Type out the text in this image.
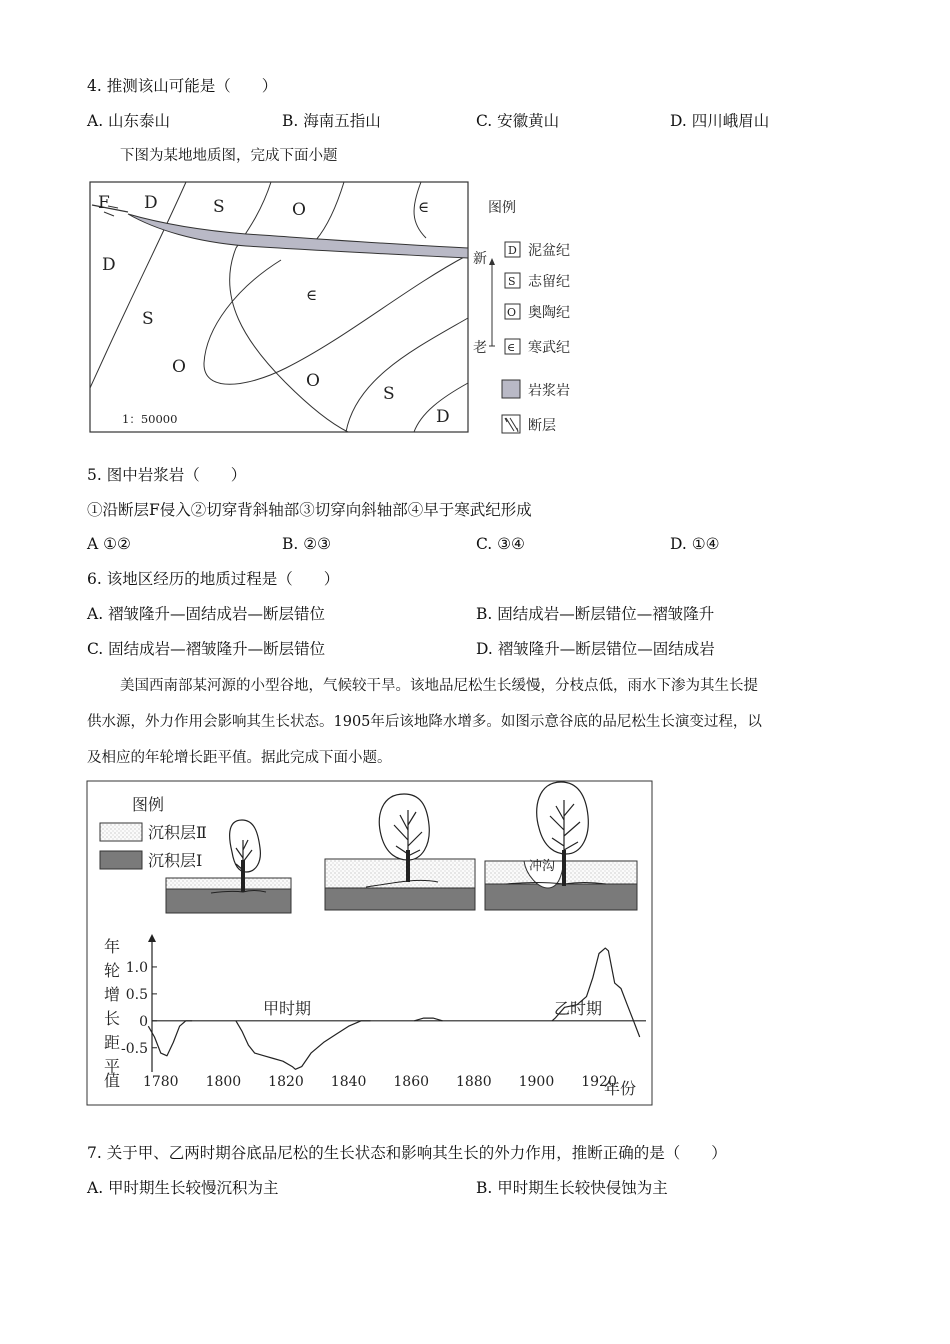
4. 推测该山可能是（　　）
A. 山东泰山	B. 海南五指山	C. 安徽黄山	D. 四川峨眉山
下图为某地地质图，完成下面小题
F D	S	O	∈
D
∈
S
O
O
S
D
1：50000
图例
新
老
D 泥盆纪
S 志留纪
O 奥陶纪
∈ 寒武纪
岩浆岩
断层
5. 图中岩浆岩（　　）
①沿断层F侵入②切穿背斜轴部③切穿向斜轴部④早于寒武纪形成
A ①②	B. ②③	C. ③④	D. ①④
6. 该地区经历的地质过程是（　　）
A. 褶皱隆升—固结成岩—断层错位	B. 固结成岩—断层错位—褶皱隆升
C. 固结成岩—褶皱隆升—断层错位	D. 褶皱隆升—断层错位—固结成岩
美国西南部某河源的小型谷地，气候较干旱。该地品尼松生长缓慢，分枝点低，雨水下渗为其生长提
供水源，外力作用会影响其生长状态。1905年后该地降水增多。如图示意谷底的品尼松生长演变过程，以
及相应的年轮增长距平值。据此完成下面小题。
图例
沉积层Ⅱ
沉积层Ⅰ	冲沟
年
轮
增
长
距
平
值	年份
甲时期	乙时期
1.0
0.5
0
-0.5
1780 1800 1820 1840 1860 1880 1900 1920
7. 关于甲、乙两时期谷底品尼松的生长状态和影响其生长的外力作用，推断正确的是（　　）
A. 甲时期生长较慢沉积为主	B. 甲时期生长较快侵蚀为主
